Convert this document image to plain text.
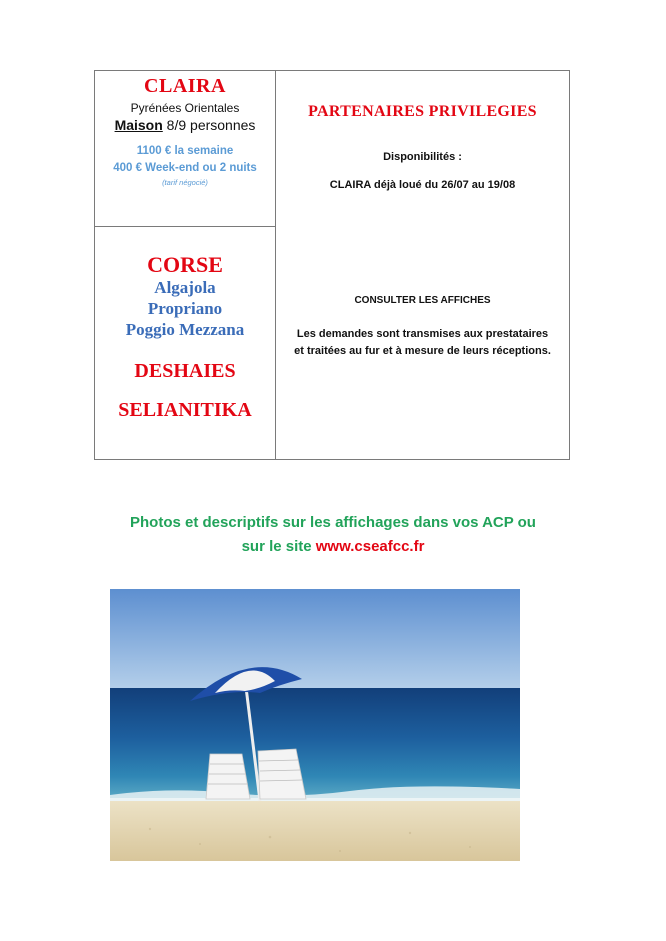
CLAIRA
Pyrénées Orientales
Maison 8/9 personnes
1100 € la semaine
400 € Week-end ou 2 nuits
(tarif négocié)
CORSE
Algajola
Propriano
Poggio Mezzana
DESHAIES
SELIANITIKA
PARTENAIRES PRIVILEGIES
Disponibilités :
CLAIRA déjà loué du 26/07 au 19/08
CONSULTER LES AFFICHES
Les demandes sont transmises aux prestataires
et traitées au fur et à mesure de leurs réceptions.
Photos et descriptifs sur les affichages dans vos ACP ou
sur le site www.cseafcc.fr
